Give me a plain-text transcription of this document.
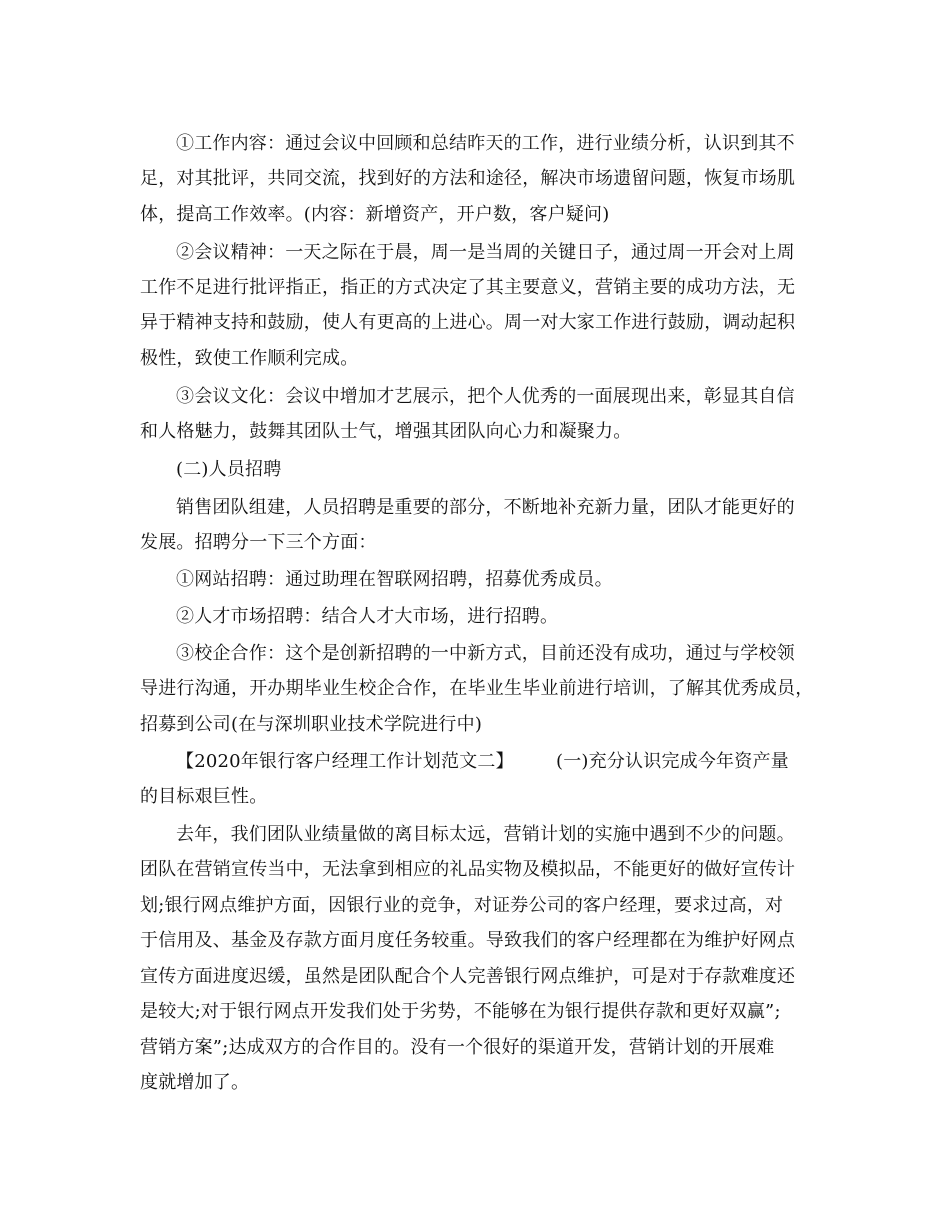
①工作内容：通过会议中回顾和总结昨天的工作，进行业绩分析，认识到其不
足，对其批评，共同交流，找到好的方法和途径，解决市场遗留问题，恢复市场肌
体，提高工作效率。(内容：新增资产，开户数，客户疑问)
②会议精神：一天之际在于晨，周一是当周的关键日子，通过周一开会对上周
工作不足进行批评指正，指正的方式决定了其主要意义，营销主要的成功方法，无
异于精神支持和鼓励，使人有更高的上进心。周一对大家工作进行鼓励，调动起积
极性，致使工作顺利完成。
③会议文化：会议中增加才艺展示，把个人优秀的一面展现出来，彰显其自信
和人格魅力，鼓舞其团队士气，增强其团队向心力和凝聚力。
(二)人员招聘
销售团队组建，人员招聘是重要的部分，不断地补充新力量，团队才能更好的
发展。招聘分一下三个方面：
①网站招聘：通过助理在智联网招聘，招募优秀成员。
②人才市场招聘：结合人才大市场，进行招聘。
③校企合作：这个是创新招聘的一中新方式，目前还没有成功，通过与学校领
导进行沟通，开办期毕业生校企合作，在毕业生毕业前进行培训，了解其优秀成员，
招募到公司(在与深圳职业技术学院进行中)
【2020年银行客户经理工作计划范文二】 (一)充分认识完成今年资产量
的目标艰巨性。
去年，我们团队业绩量做的离目标太远，营销计划的实施中遇到不少的问题。
团队在营销宣传当中，无法拿到相应的礼品实物及模拟品，不能更好的做好宣传计
划;银行网点维护方面，因银行业的竞争，对证券公司的客户经理，要求过高，对
于信用及、基金及存款方面月度任务较重。导致我们的客户经理都在为维护好网点
宣传方面进度迟缓，虽然是团队配合个人完善银行网点维护，可是对于存款难度还
是较大;对于银行网点开发我们处于劣势，不能够在为银行提供存款和更好双赢”;
营销方案”;达成双方的合作目的。没有一个很好的渠道开发，营销计划的开展难
度就增加了。
